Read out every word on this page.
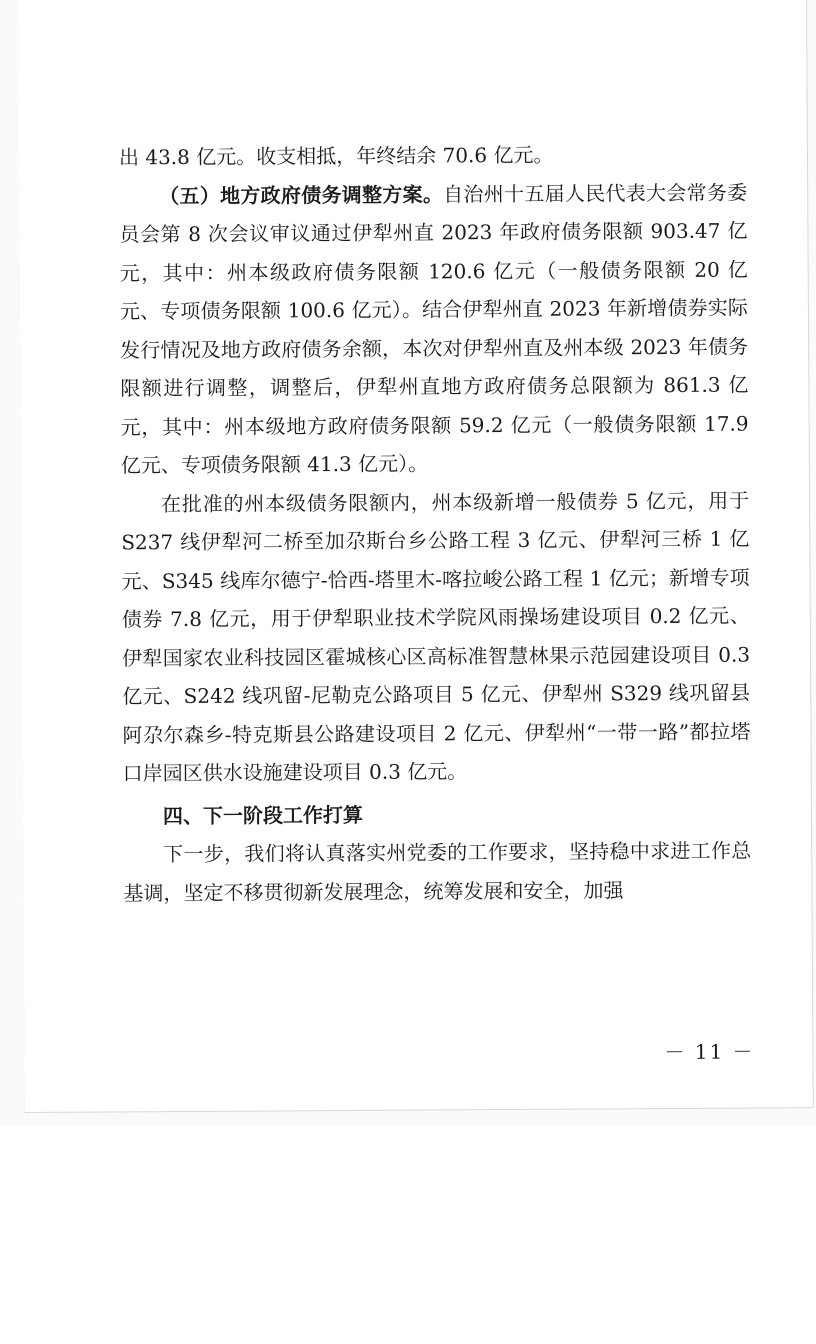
出 43.8 亿元。收支相抵，年终结余 70.6 亿元。

（五）地方政府债务调整方案。自治州十五届人民代表大会常务委员会第 8 次会议审议通过伊犁州直 2023 年政府债务限额 903.47 亿元，其中：州本级政府债务限额 120.6 亿元（一般债务限额 20 亿元、专项债务限额 100.6 亿元）。结合伊犁州直 2023 年新增债券实际发行情况及地方政府债务余额，本次对伊犁州直及州本级 2023 年债务限额进行调整，调整后，伊犁州直地方政府债务总限额为 861.3 亿元，其中：州本级地方政府债务限额 59.2 亿元（一般债务限额 17.9 亿元、专项债务限额 41.3 亿元）。

在批准的州本级债务限额内，州本级新增一般债券 5 亿元，用于 S237 线伊犁河二桥至加尕斯台乡公路工程 3 亿元、伊犁河三桥 1 亿元、S345 线库尔德宁-恰西-塔里木-喀拉峻公路工程 1 亿元；新增专项债券 7.8 亿元，用于伊犁职业技术学院风雨操场建设项目 0.2 亿元、伊犁国家农业科技园区霍城核心区高标准智慧林果示范园建设项目 0.3 亿元、S242 线巩留-尼勒克公路项目 5 亿元、伊犁州 S329 线巩留县阿尕尔森乡-特克斯县公路建设项目 2 亿元、伊犁州“一带一路”都拉塔口岸园区供水设施建设项目 0.3 亿元。

四、下一阶段工作打算

下一步，我们将认真落实州党委的工作要求，坚持稳中求进工作总基调，坚定不移贯彻新发展理念，统筹发展和安全，加强

－ 11 －
